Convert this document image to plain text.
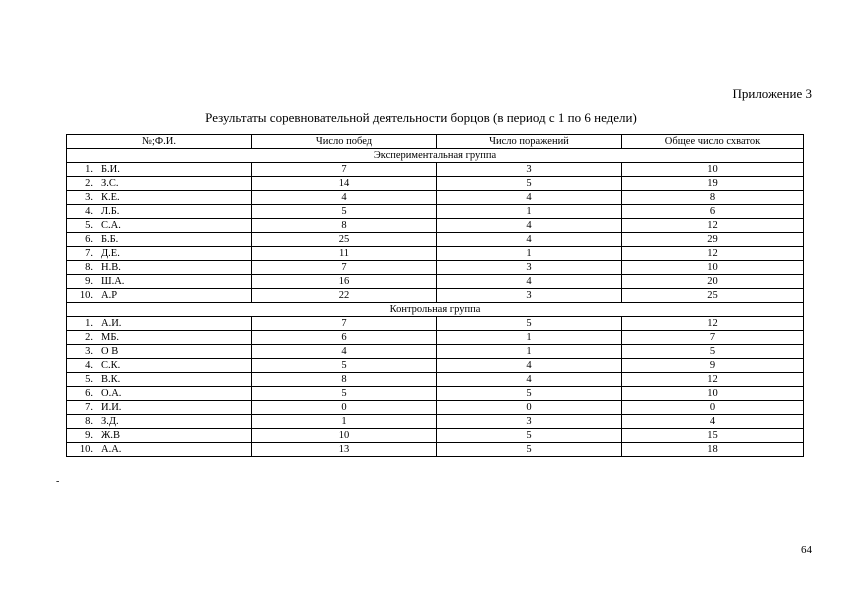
Приложение 3
Результаты соревновательной деятельности борцов (в период с 1 по 6 недели)
№;Ф.И.	Число побед	Число поражений	Общее число схваток
Экспериментальная группа			
1. Б.И.	7	3	10
2. З.С.	14	5	19
3. К.Е.	4	4	8
4. Л.Б.	5	1	6
5. С.А.	8	4	12
6. Б.Б.	25	4	29
7. Д.Е.	11	1	12
8. Н.В.	7	3	10
9. Ш.А.	16	4	20
10. А.Р	22	3	25
Контрольная группа			
1. А.И.	7	5	12
2. МБ.	6	1	7
3. О В	4	1	5
4. С.К.	5	4	9
5. В.К.	8	4	12
6. О.А.	5	5	10
7. И.И.	0	0	0
8. З.Д.	1	3	4
9. Ж.В	10	5	15
10. А.А.	13	5	18
-
64
